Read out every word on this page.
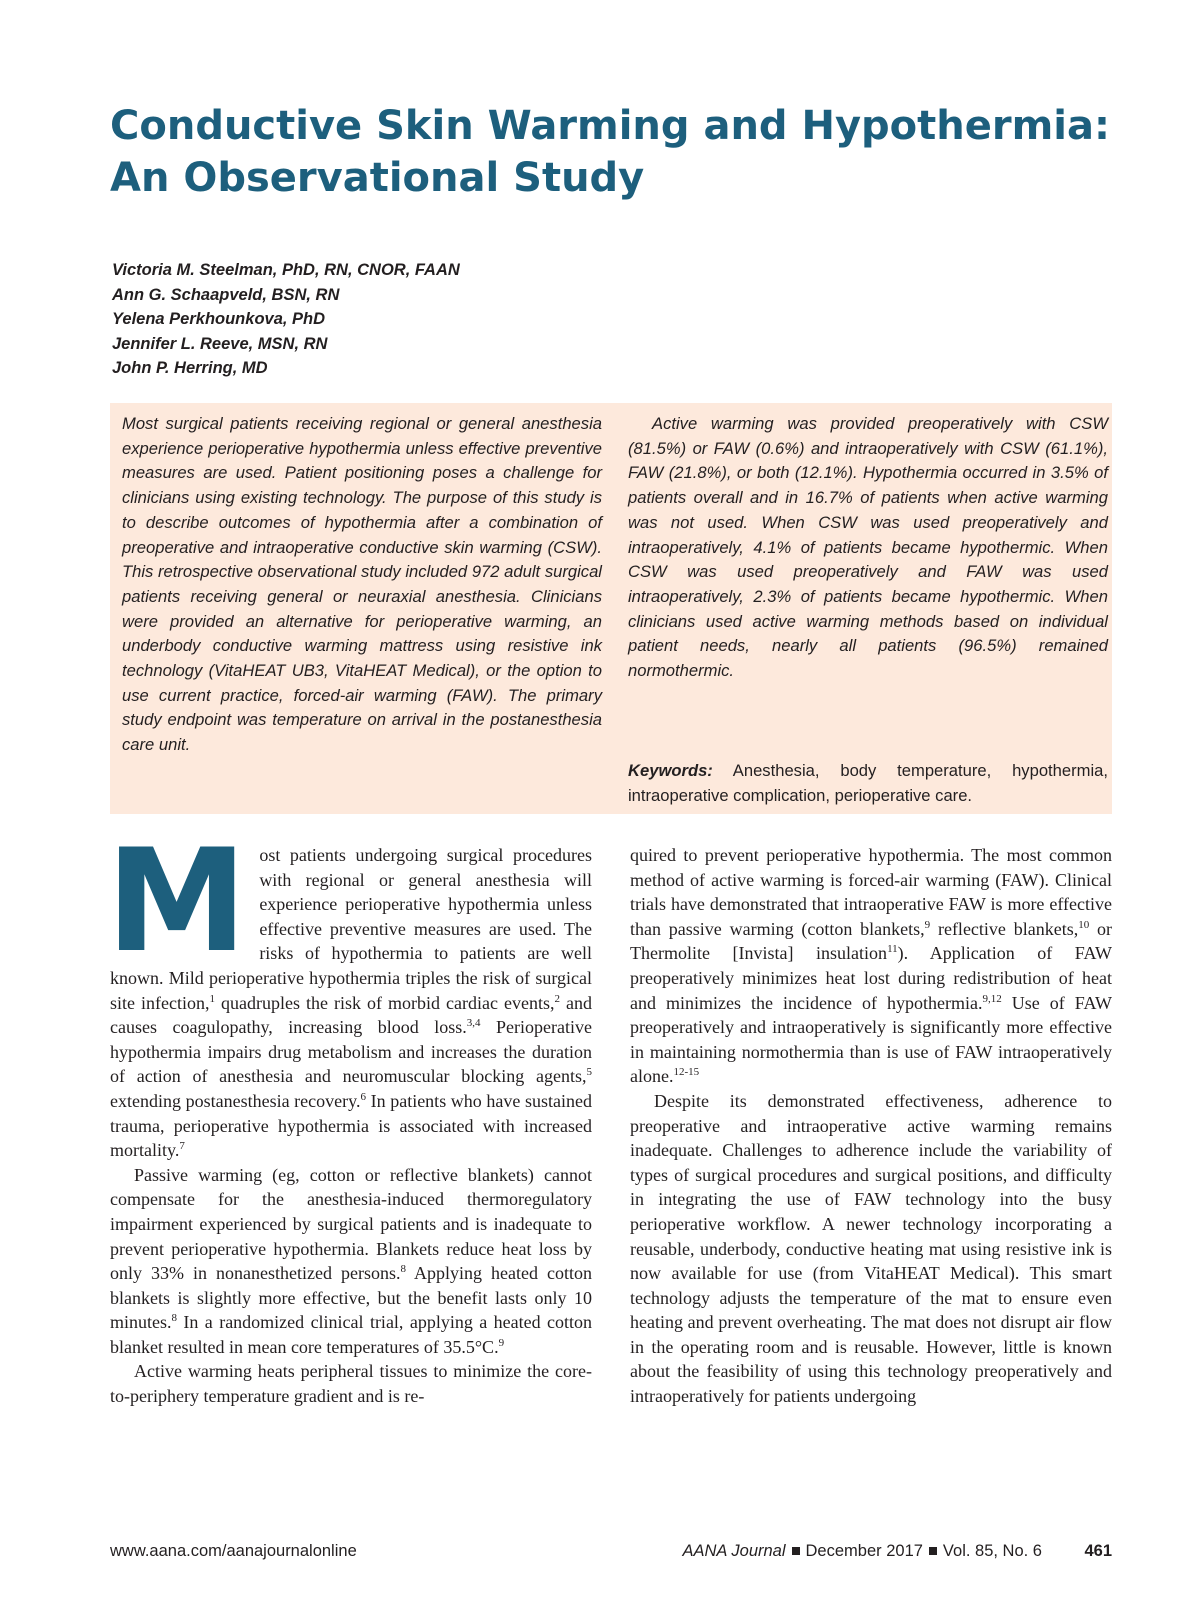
Conductive Skin Warming and Hypothermia:
An Observational Study
Victoria M. Steelman, PhD, RN, CNOR, FAAN
Ann G. Schaapveld, BSN, RN
Yelena Perkhounkova, PhD
Jennifer L. Reeve, MSN, RN
John P. Herring, MD

Most surgical patients receiving regional or general anesthesia experience perioperative hypothermia unless effective preventive measures are used. Patient positioning poses a challenge for clinicians using existing technology. The purpose of this study is to describe outcomes of hypothermia after a combination of preoperative and intraoperative conductive skin warming (CSW). This retrospective observational study included 972 adult surgical patients receiving general or neuraxial anesthesia. Clinicians were provided an alternative for perioperative warming, an underbody conductive warming mattress using resistive ink technology (VitaHEAT UB3, VitaHEAT Medical), or the option to use current practice, forced-air warming (FAW). The primary study endpoint was temperature on arrival in the postanesthesia care unit.

Active warming was provided preoperatively with CSW (81.5%) or FAW (0.6%) and intraoperatively with CSW (61.1%), FAW (21.8%), or both (12.1%). Hypothermia occurred in 3.5% of patients overall and in 16.7% of patients when active warming was not used. When CSW was used preoperatively and intraoperatively, 4.1% of patients became hypothermic. When CSW was used preoperatively and FAW was used intraoperatively, 2.3% of patients became hypothermic. When clinicians used active warming methods based on individual patient needs, nearly all patients (96.5%) remained normothermic.

Keywords: Anesthesia, body temperature, hypothermia, intraoperative complication, perioperative care.

Most patients undergoing surgical procedures with regional or general anesthesia will experience perioperative hypothermia unless effective preventive measures are used. The risks of hypothermia to patients are well known. Mild perioperative hypothermia triples the risk of surgical site infection,$^1$ quadruples the risk of morbid cardiac events,$^2$ and causes coagulopathy, increasing blood loss.$^{3,4}$ Perioperative hypothermia impairs drug metabolism and increases the duration of action of anesthesia and neuromuscular blocking agents,$^5$ extending postanesthesia recovery.$^6$ In patients who have sustained trauma, perioperative hypothermia is associated with increased mortality.$^7$

Passive warming (eg, cotton or reflective blankets) cannot compensate for the anesthesia-induced thermoregulatory impairment experienced by surgical patients and is inadequate to prevent perioperative hypothermia. Blankets reduce heat loss by only 33% in nonanesthetized persons.$^8$ Applying heated cotton blankets is slightly more effective, but the benefit lasts only 10 minutes.$^8$ In a randomized clinical trial, applying a heated cotton blanket resulted in mean core temperatures of 35.5°C.$^9$

Active warming heats peripheral tissues to minimize the core-to-periphery temperature gradient and is re-

quired to prevent perioperative hypothermia. The most common method of active warming is forced-air warming (FAW). Clinical trials have demonstrated that intraoperative FAW is more effective than passive warming (cotton blankets,$^9$ reflective blankets,$^{10}$ or Thermolite [Invista] insulation$^{11}$). Application of FAW preoperatively minimizes heat lost during redistribution of heat and minimizes the incidence of hypothermia.$^{9,12}$ Use of FAW preoperatively and intraoperatively is significantly more effective in maintaining normothermia than is use of FAW intraoperatively alone.$^{12-15}$

Despite its demonstrated effectiveness, adherence to preoperative and intraoperative active warming remains inadequate. Challenges to adherence include the variability of types of surgical procedures and surgical positions, and difficulty in integrating the use of FAW technology into the busy perioperative workflow. A newer technology incorporating a reusable, underbody, conductive heating mat using resistive ink is now available for use (from VitaHEAT Medical). This smart technology adjusts the temperature of the mat to ensure even heating and prevent overheating. The mat does not disrupt air flow in the operating room and is reusable. However, little is known about the feasibility of using this technology preoperatively and intraoperatively for patients undergoing

www.aana.com/aanajournalonline	AANA Journal December 2017 Vol. 85, No. 6	461
